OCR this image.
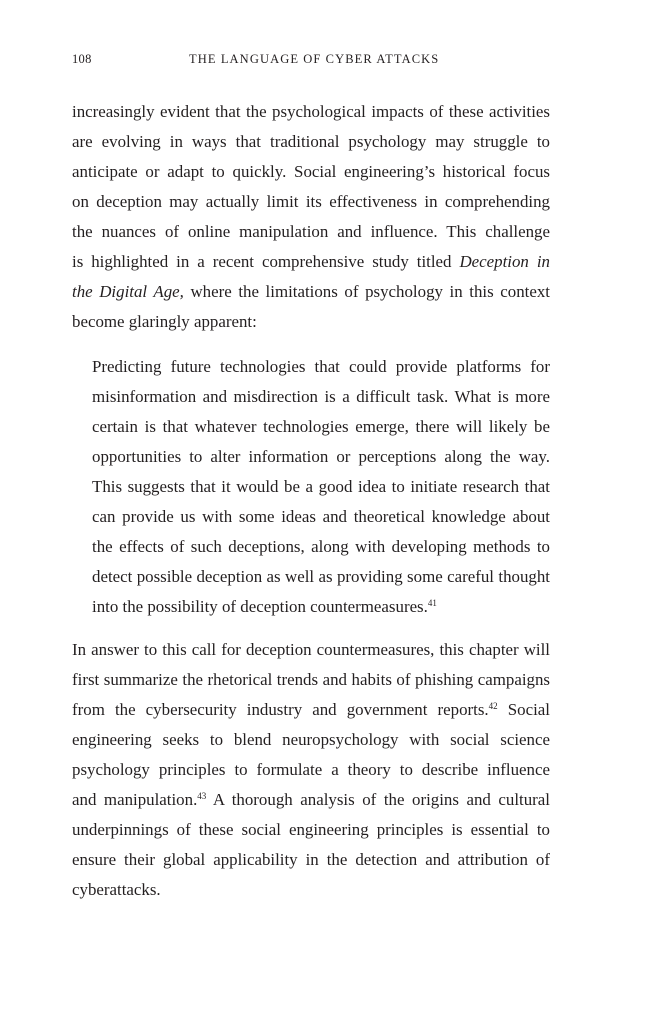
108	THE LANGUAGE OF CYBER ATTACKS

increasingly evident that the psychological impacts of these activities
are evolving in ways that traditional psychology may struggle to
anticipate or adapt to quickly. Social engineering’s historical focus
on deception may actually limit its effectiveness in comprehending
the nuances of online manipulation and influence. This challenge
is highlighted in a recent comprehensive study titled Deception in
the Digital Age, where the limitations of psychology in this context
become glaringly apparent:

Predicting future technologies that could provide platforms for
misinformation and misdirection is a difficult task. What is more
certain is that whatever technologies emerge, there will likely be
opportunities to alter information or perceptions along the way.
This suggests that it would be a good idea to initiate research that
can provide us with some ideas and theoretical knowledge about
the effects of such deceptions, along with developing methods to
detect possible deception as well as providing some careful thought
into the possibility of deception countermeasures.$^{41}$

In answer to this call for deception countermeasures, this chapter will
first summarize the rhetorical trends and habits of phishing campaigns
from the cybersecurity industry and government reports.$^{42}$ Social
engineering seeks to blend neuropsychology with social science
psychology principles to formulate a theory to describe influence
and manipulation.$^{43}$ A thorough analysis of the origins and cultural
underpinnings of these social engineering principles is essential to
ensure their global applicability in the detection and attribution of
cyberattacks.
